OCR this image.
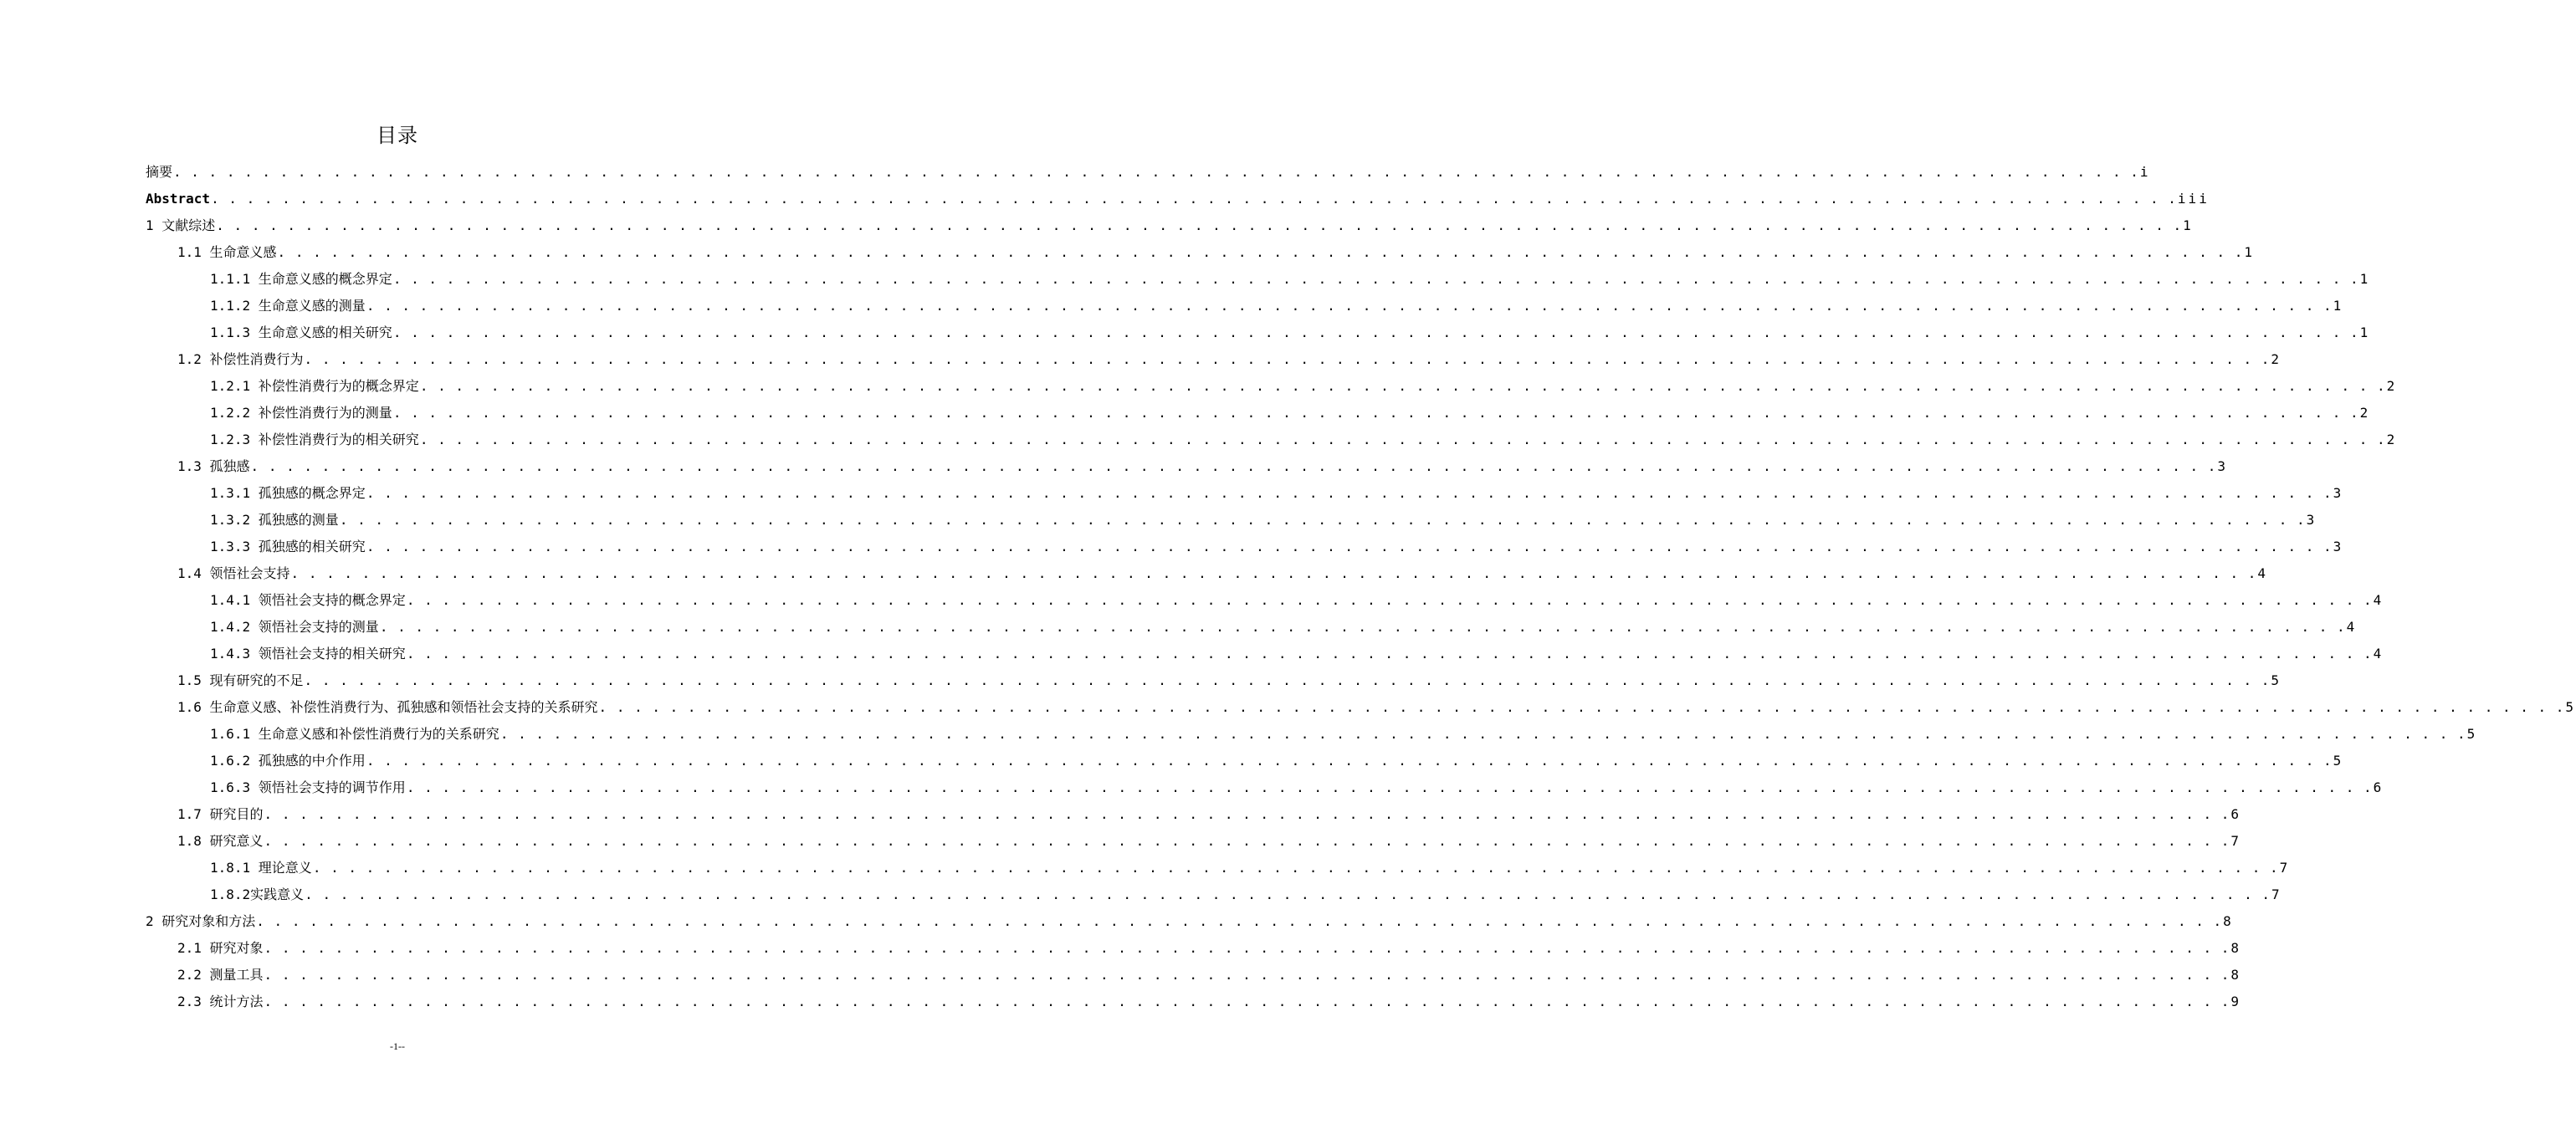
目录
摘要 . . .	i
Abstract . . .	iii
1 文献综述 . . .	1
1.1 生命意义感 . . .	1
1.1.1 生命意义感的概念界定 . . .	1
1.1.2 生命意义感的测量 . . .	1
1.1.3 生命意义感的相关研究 . . .	1
1.2 补偿性消费行为 . . .	2
1.2.1 补偿性消费行为的概念界定 . . .	2
1.2.2 补偿性消费行为的测量 . . .	2
1.2.3 补偿性消费行为的相关研究 . . .	2
1.3 孤独感 . . .	3
1.3.1 孤独感的概念界定 . . .	3
1.3.2 孤独感的测量 . . .	3
1.3.3 孤独感的相关研究 . . .	3
1.4 领悟社会支持 . . .	4
1.4.1 领悟社会支持的概念界定 . . .	4
1.4.2 领悟社会支持的测量 . . .	4
1.4.3 领悟社会支持的相关研究 . . .	4
1.5 现有研究的不足 . . .	5
1.6 生命意义感、补偿性消费行为、孤独感和领悟社会支持的关系研究 . . .	5
1.6.1 生命意义感和补偿性消费行为的关系研究 . . .	5
1.6.2 孤独感的中介作用 . . .	5
1.6.3 领悟社会支持的调节作用 . . .	6
1.7 研究目的 . . .	6
1.8 研究意义 . . .	7
1.8.1 理论意义 . . .	7
1.8.2实践意义 . . .	7
2 研究对象和方法 . . .	8
2.1 研究对象 . . .	8
2.2 测量工具 . . .	8
2.3 统计方法 . . .	9
-1--
